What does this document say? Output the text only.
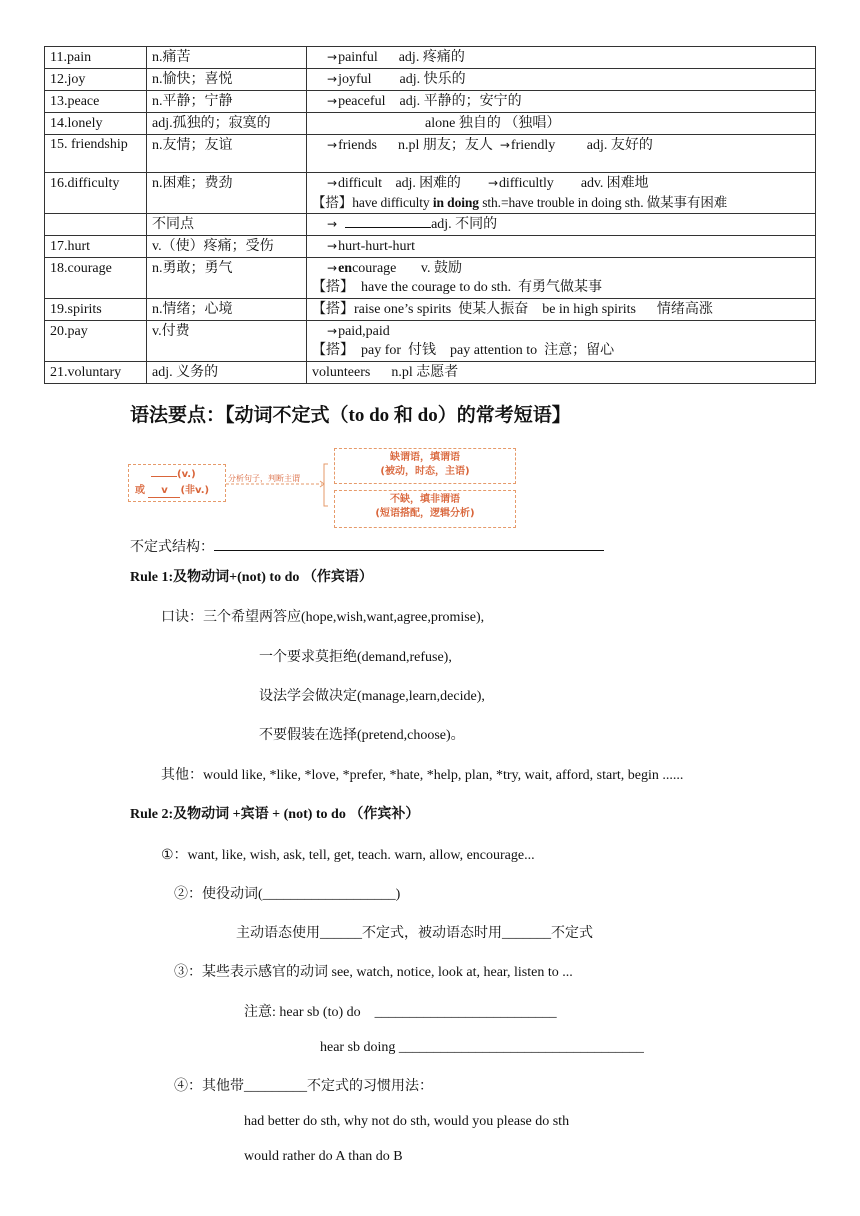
11.pain	n.痛苦	→painful adj. 疼痛的
12.joy	n.愉快；喜悦	→joyful adj. 快乐的
13.peace	n.平静；宁静	→peaceful adj. 平静的；安宁的
14.lonely	adj.孤独的；寂寞的	alone 独自的 （独唱）
15. friendship	n.友情；友谊	→friends n.pl 朋友；友人 →friendly adj. 友好的
16.difficulty	n.困难；费劲	→difficult adj. 困难的 →difficultly adv. 困难地
【搭】have difficulty in doing sth.=have trouble in doing sth. 做某事有困难

	不同点	→ adj. 不同的
17.hurt	v.（使）疼痛；受伤	→hurt-hurt-hurt
18.courage	n.勇敢；勇气	→encourage v. 鼓励
【搭】  have the courage to do sth.  有勇气做某事

19.spirits	n.情绪；心境	【搭】raise one’s spirits  使某人振奋    be in high spirits      情绪高涨
20.pay	v.付费	→paid,paid
【搭】  pay for  付钱    pay attention to  注意；留心

21.voluntary	adj. 义务的	volunteers      n.pl 志愿者
语法要点：【动词不定式（to do 和 do）的常考短语】
(v.)
或 v (非v.)
分析句子，判断主谓
缺谓语，填谓语
(被动，时态，主语)
不缺，填非谓语
(短语搭配，逻辑分析)
不定式结构：
Rule 1:及物动词+(not) to do （作宾语）
口诀：三个希望两答应(hope,wish,want,agree,promise),
一个要求莫拒绝(demand,refuse),
设法学会做决定(manage,learn,decide),
不要假装在选择(pretend,choose)。
其他：would like, *like, *love, *prefer, *hate, *help, plan, *try, wait, afford, start, begin ......
Rule 2:及物动词 +宾语 + (not) to do （作宾补）
①：want, like, wish, ask, tell, get, teach. warn, allow, encourage...
②：使役动词(___________________)
主动语态使用______不定式，被动语态时用_______不定式
③：某些表示感官的动词 see, watch, notice, look at, hear, listen to ...
注意: hear sb (to) do    __________________________
hear sb doing ___________________________________
④：其他带_________不定式的习惯用法：
had better do sth, why not do sth, would you please do sth
would rather do A than do B
